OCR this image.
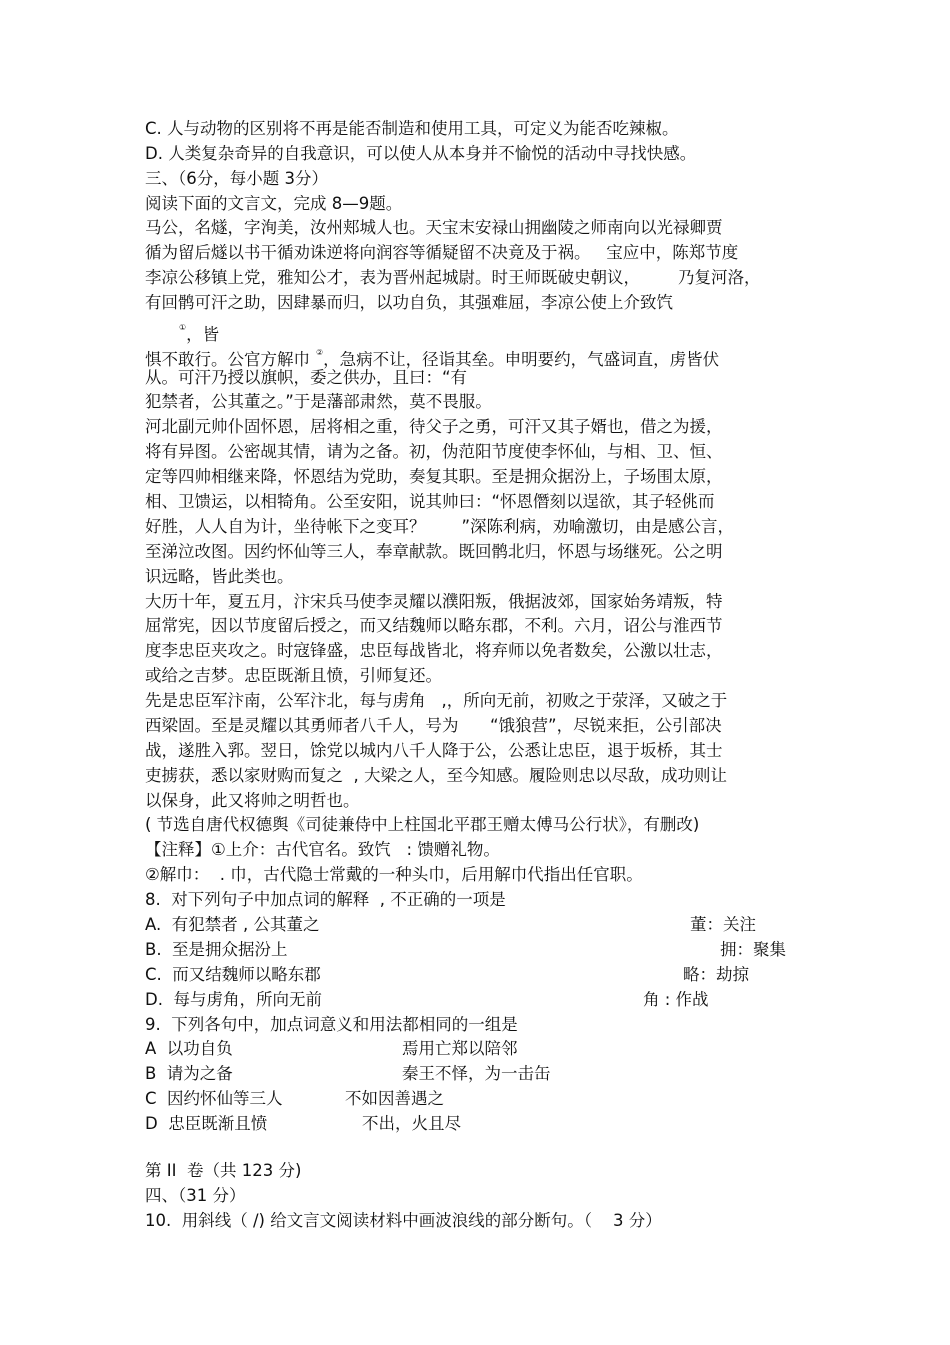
C. 人与动物的区别将不再是能否制造和使用工具，可定义为能否吃辣椒。
D. 人类复杂奇异的自我意识，可以使人从本身并不愉悦的活动中寻找快感。
三、（6分，每小题 3分）
阅读下面的文言文，完成 8—9题。
马公，名燧，字洵美，汝州郏城人也。天宝末安禄山拥幽陵之师南向以光禄卿贾
循为留后燧以书干循劝诛逆将向润容等循疑留不决竟及于祸。   宝应中，陈郑节度
李凉公移镇上党，雅知公才，表为晋州起城尉。时王师既破史朝议， 乃复河洛，
有回鹘可汗之助，因肆暴而归，以功自负，其强难屈，李凉公使上介致饩
①，皆
惧不敢行。公官方解巾 ②，急病不让，径诣其垒。申明要约，气盛词直，虏皆伏
从。可汗乃授以旗帜，委之供办，且曰：“有
犯禁者，公其董之。”于是藩部肃然，莫不畏服。
河北副元帅仆固怀恩，居将相之重，待父子之勇，可汗又其子婿也，借之为援，
将有异图。公密觇其情，请为之备。初，伪范阳节度使李怀仙，与相、卫、恒、
定等四帅相继来降，怀恩结为党助，奏复其职。至是拥众据汾上，子场围太原，
相、卫馈运，以相犄角。公至安阳，说其帅曰：“怀恩僭刻以逞欲，其子轻佻而
好胜，人人自为计，坐待帐下之变耳？ ”深陈利病，劝喻激切，由是感公言，
至涕泣改图。因约怀仙等三人，奉章献款。既回鹘北归，怀恩与场继死。公之明
识远略，皆此类也。
大历十年，夏五月，汴宋兵马使李灵耀以濮阳叛，俄据波郊，国家始务靖叛，特
屈常宪，因以节度留后授之，而又结魏师以略东郡，不利。六月，诏公与淮西节
度李忠臣夹攻之。时寇锋盛，忠臣每战皆北，将弃师以免者数矣，公激以壮志，
或给之吉梦。忠臣既渐且愤，引师复还。
先是忠臣军汴南，公军汴北，每与虏角 ,，所向无前，初败之于荥泽，又破之于
西梁固。至是灵耀以其勇师者八千人，号为      “饿狼营”，尽锐来拒，公引部决
战，遂胜入郛。翌日，馀党以城内八千人降于公，公悉让忠臣，退于坂桥，其士
吏掳获，悉以家财购而复之  , 大梁之人，至今知感。履险则忠以尽敌，成功则让
以保身，此又将帅之明哲也。
( 节选自唐代权德舆《司徒兼侍中上柱国北平郡王赠太傅马公行状》，有删改)
【注释】①上介：古代官名。致饩   : 馈赠礼物。
②解巾：  . 巾，古代隐士常戴的一种头巾，后用解巾代指出任官职。
8.  对下列句子中加点词的解释  , 不正确的一项是
A.  有犯禁者 , 公其董之	董：关注
B.  至是拥众据汾上	拥：聚集
C.  而又结魏师以略东郡	略：劫掠
D.  每与虏角，所向无前	角 : 作战
9.  下列各句中，加点词意义和用法都相同的一组是
A  以功自负	焉用亡郑以陪邻
B  请为之备	秦王不怿，为一击缶
C  因约怀仙等三人	不如因善遇之
D  忠臣既渐且愤	不出，火且尽
第 II  卷（共 123 分)
四、（31 分）
10.  用斜线（ /) 给文言文阅读材料中画波浪线的部分断句。（    3 分）
